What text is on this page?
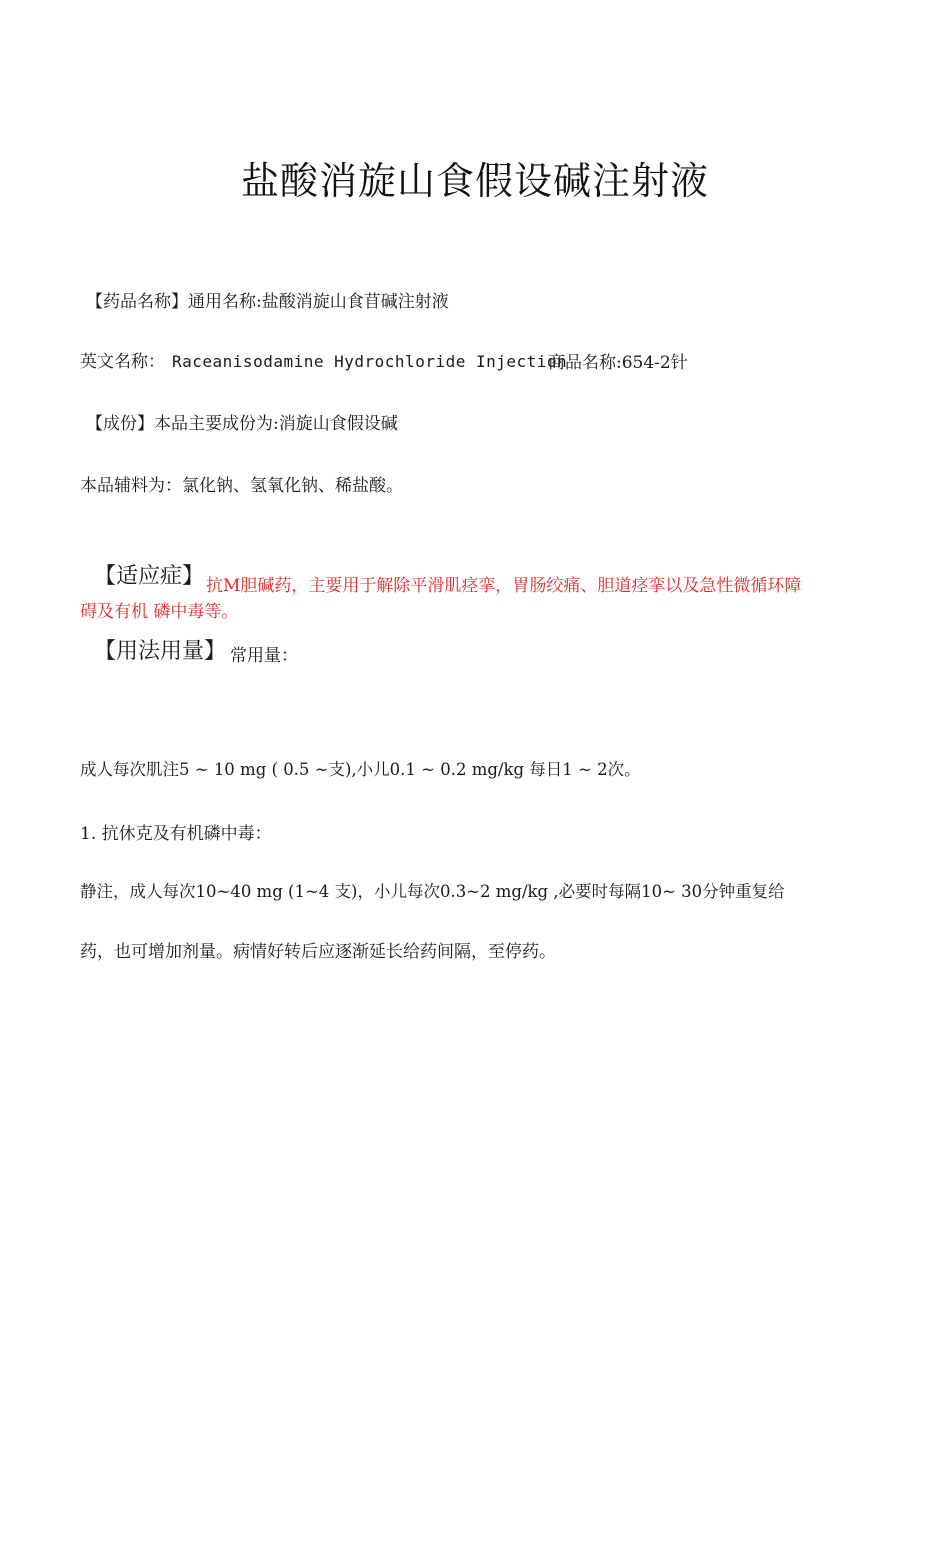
盐酸消旋山食假设碱注射液
【药品名称】通用名称:盐酸消旋山食苜碱注射液
英文名称： Raceanisodamine Hydrochloride Injection
商品名称:654-2针
【成份】本品主要成份为:消旋山食假设碱
本品辅料为：氯化钠、氢氧化钠、稀盐酸。
【适应症】 抗M胆碱药，主要用于解除平滑肌痉挛，胃肠绞痛、胆道痉挛以及急性微循环障
碍及有机 磷中毒等。
【用法用量】 常用量：
成人每次肌注5 ~ 10 mg ( 0.5 ~支),小儿0.1 ~ 0.2 mg/kg 每日1 ~ 2次。
1. 抗休克及有机磷中毒：
静注，成人每次10~40 mg (1~4 支)，小儿每次0.3~2 mg/kg ,必要时每隔10~ 30分钟重复给
药，也可增加剂量。病情好转后应逐渐延长给药间隔，至停药。
